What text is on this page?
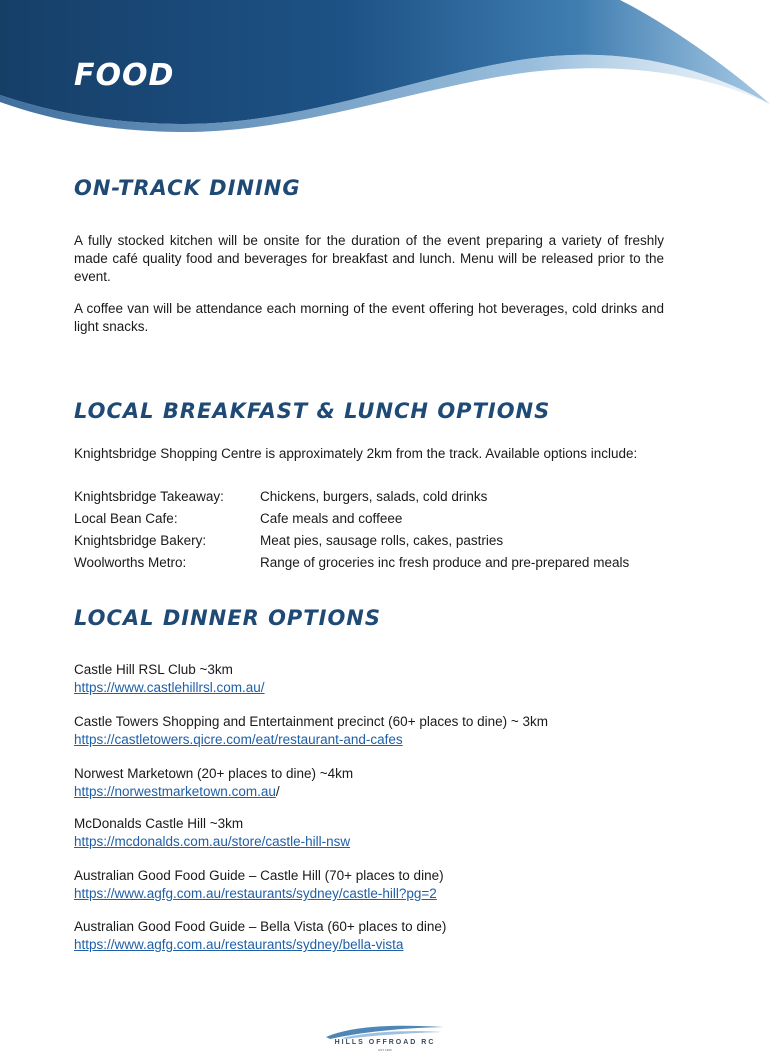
FOOD
ON-TRACK DINING

A fully stocked kitchen will be onsite for the duration of the event preparing a variety of freshly made café quality food and beverages for breakfast and lunch. Menu will be released prior to the event.

A coffee van will be attendance each morning of the event offering hot beverages, cold drinks and light snacks.

LOCAL BREAKFAST & LUNCH OPTIONS

Knightsbridge Shopping Centre is approximately 2km from the track. Available options include:

Knightsbridge Takeaway:	Chickens, burgers, salads, cold drinks
Local Bean Cafe:	Cafe meals and coffeee
Knightsbridge Bakery:	Meat pies, sausage rolls, cakes, pastries
Woolworths Metro:	Range of groceries inc fresh produce and pre-prepared meals
LOCAL DINNER OPTIONS
Castle Hill RSL Club ~3km
https://www.castlehillrsl.com.au/
Castle Towers Shopping and Entertainment precinct (60+ places to dine) ~ 3km
https://castletowers.qicre.com/eat/restaurant-and-cafes
Norwest Marketown (20+ places to dine) ~4km
https://norwestmarketown.com.au/
McDonalds Castle Hill ~3km
https://mcdonalds.com.au/store/castle-hill-nsw
Australian Good Food Guide – Castle Hill (70+ places to dine)
https://www.agfg.com.au/restaurants/sydney/castle-hill?pg=2
Australian Good Food Guide – Bella Vista (60+ places to dine)
https://www.agfg.com.au/restaurants/sydney/bella-vista
HILLS OFFROAD RC
EST 1996
